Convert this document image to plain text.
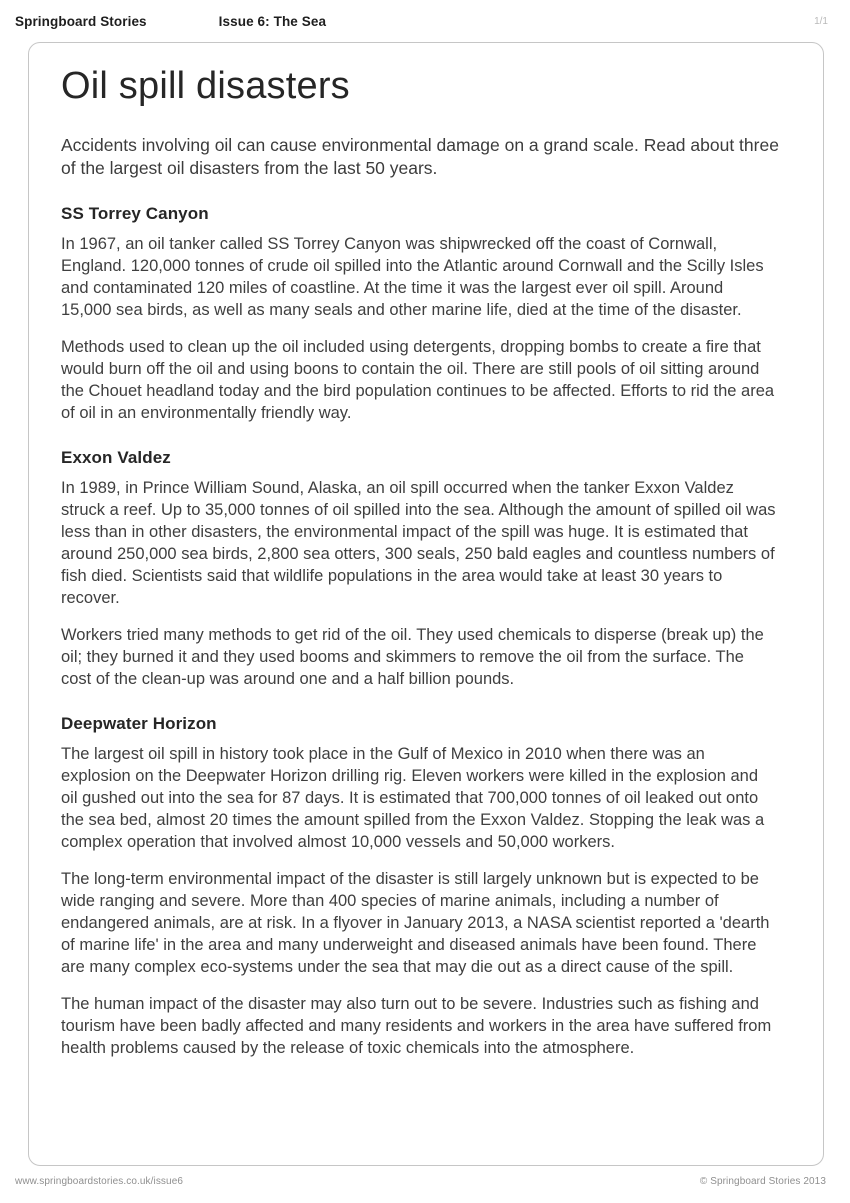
Springboard Stories	Issue 6: The Sea	1/1
Oil spill disasters

Accidents involving oil can cause environmental damage on a grand scale. Read about three of the largest oil disasters from the last 50 years.

SS Torrey Canyon

In 1967, an oil tanker called SS Torrey Canyon was shipwrecked off the coast of Cornwall, England. 120,000 tonnes of crude oil spilled into the Atlantic around Cornwall and the Scilly Isles and contaminated 120 miles of coastline. At the time it was the largest ever oil spill. Around 15,000 sea birds, as well as many seals and other marine life, died at the time of the disaster.

Methods used to clean up the oil included using detergents, dropping bombs to create a fire that would burn off the oil and using boons to contain the oil. There are still pools of oil sitting around the Chouet headland today and the bird population continues to be affected. Efforts to rid the area of oil in an environmentally friendly way.

Exxon Valdez

In 1989, in Prince William Sound, Alaska, an oil spill occurred when the tanker Exxon Valdez struck a reef. Up to 35,000 tonnes of oil spilled into the sea. Although the amount of spilled oil was less than in other disasters, the environmental impact of the spill was huge. It is estimated that around 250,000 sea birds, 2,800 sea otters, 300 seals, 250 bald eagles and countless numbers of fish died. Scientists said that wildlife populations in the area would take at least 30 years to recover.

Workers tried many methods to get rid of the oil. They used chemicals to disperse (break up) the oil; they burned it and they used booms and skimmers to remove the oil from the surface. The cost of the clean-up was around one and a half billion pounds.

Deepwater Horizon

The largest oil spill in history took place in the Gulf of Mexico in 2010 when there was an explosion on the Deepwater Horizon drilling rig. Eleven workers were killed in the explosion and oil gushed out into the sea for 87 days. It is estimated that 700,000 tonnes of oil leaked out onto the sea bed, almost 20 times the amount spilled from the Exxon Valdez. Stopping the leak was a complex operation that involved almost 10,000 vessels and 50,000 workers.

The long-term environmental impact of the disaster is still largely unknown but is expected to be wide ranging and severe. More than 400 species of marine animals, including a number of endangered animals, are at risk. In a flyover in January 2013, a NASA scientist reported a 'dearth of marine life' in the area and many underweight and diseased animals have been found. There are many complex eco-systems under the sea that may die out as a direct cause of the spill.

The human impact of the disaster may also turn out to be severe. Industries such as fishing and tourism have been badly affected and many residents and workers in the area have suffered from health problems caused by the release of toxic chemicals into the atmosphere.

www.springboardstories.co.uk/issue6	© Springboard Stories 2013
